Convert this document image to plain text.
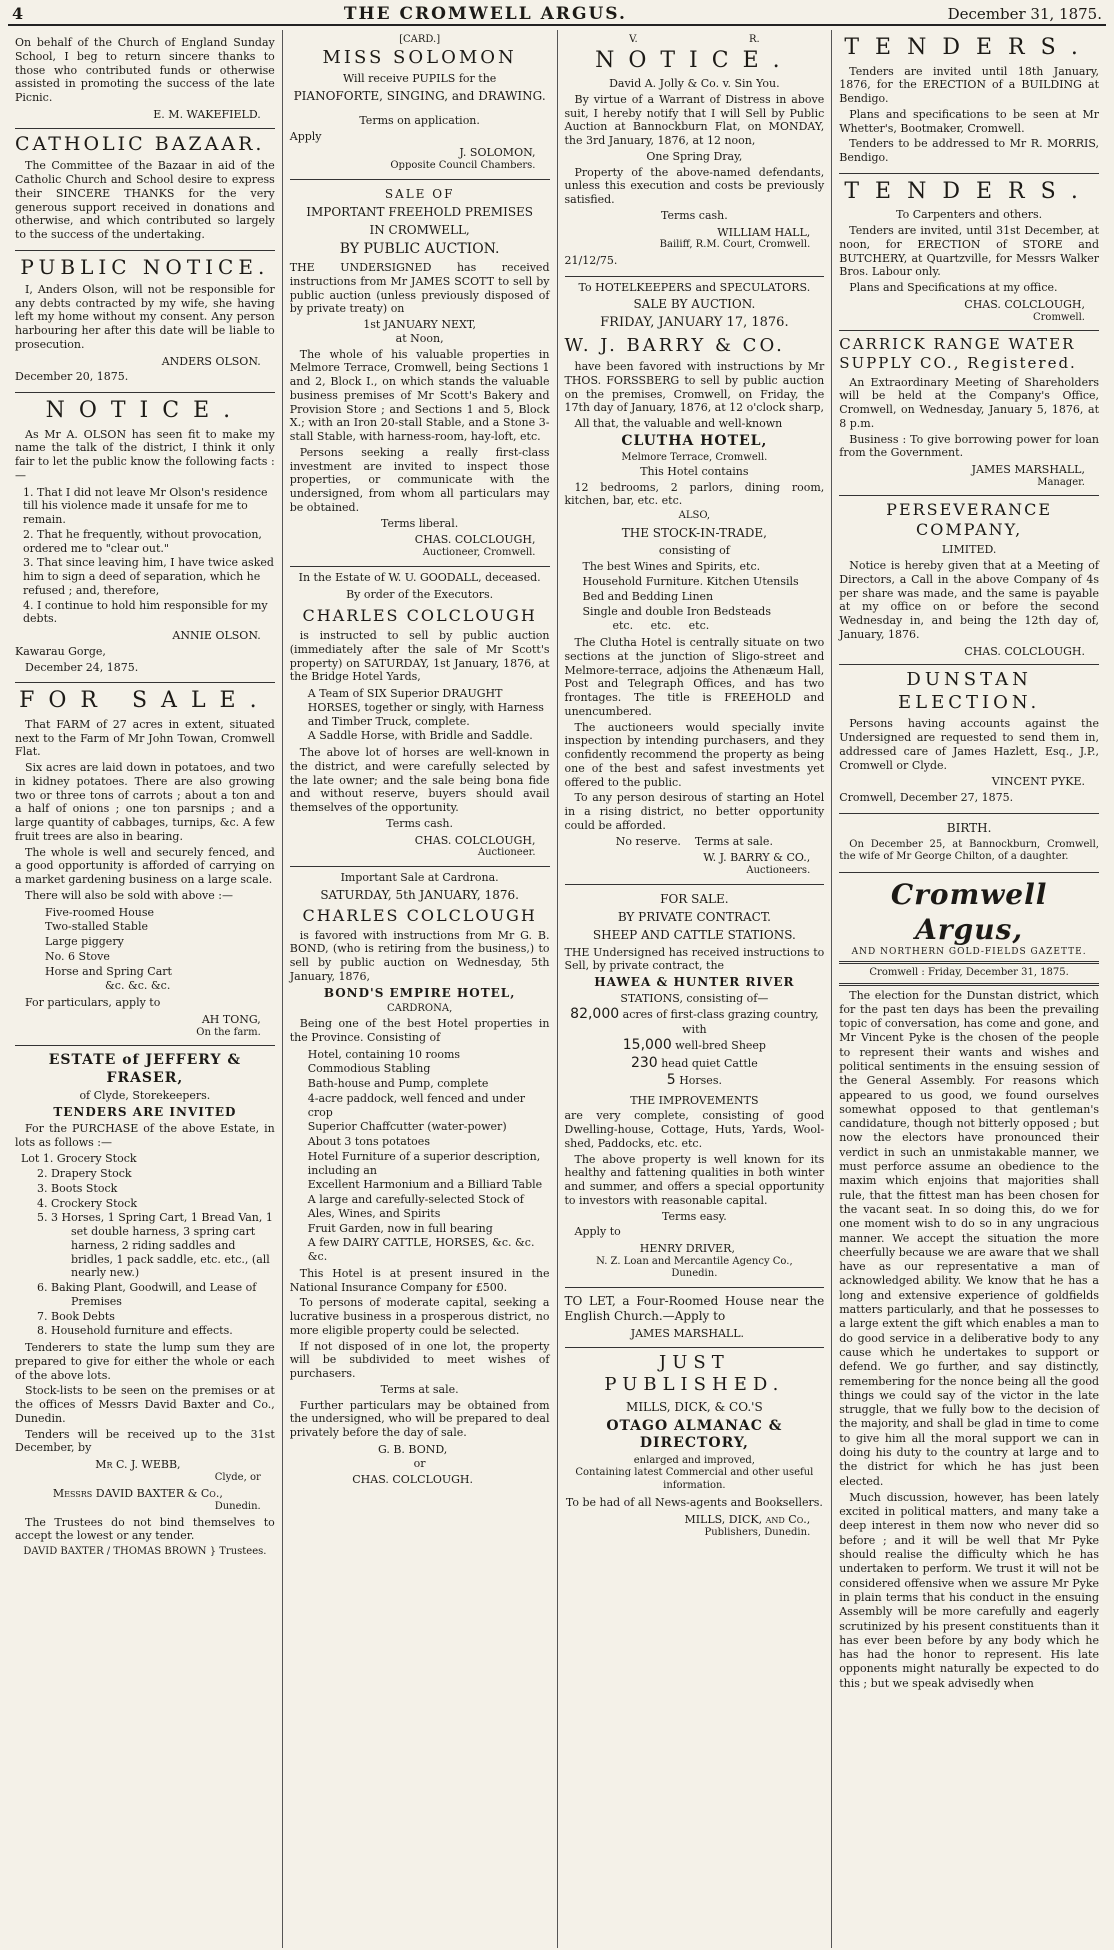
4	THE CROMWELL ARGUS.	December 31, 1875.

On behalf of the Church of England Sunday School, I beg to return sincere thanks to those who contributed funds or otherwise assisted in promoting the success of the late Picnic.

E. M. WAKEFIELD.
CATHOLIC BAZAAR.

The Committee of the Bazaar in aid of the Catholic Church and School desire to express their SINCERE THANKS for the very generous support received in donations and otherwise, and which contributed so largely to the success of the undertaking.

PUBLIC NOTICE.

I, Anders Olson, will not be responsible for any debts contracted by my wife, she having left my home without my consent. Any person harbouring her after this date will be liable to prosecution.

ANDERS OLSON.

December 20, 1875.

NOTICE.

As Mr A. OLSON has seen fit to make my name the talk of the district, I think it only fair to let the public know the following facts :—

1. That I did not leave Mr Olson's residence till his violence made it unsafe for me to remain.
2. That he frequently, without provocation, ordered me to "clear out."
3. That since leaving him, I have twice asked him to sign a deed of separation, which he refused ; and, therefore,
4. I continue to hold him responsible for my debts.
ANNIE OLSON.

Kawarau Gorge,

December 24, 1875.

FOR SALE.

That FARM of 27 acres in extent, situated next to the Farm of Mr John Towan, Cromwell Flat.

Six acres are laid down in potatoes, and two in kidney potatoes. There are also growing two or three tons of carrots ; about a ton and a half of onions ; one ton parsnips ; and a large quantity of cabbages, turnips, &c. A few fruit trees are also in bearing.

The whole is well and securely fenced, and a good opportunity is afforded of carrying on a market gardening business on a large scale.

There will also be sold with above :—

Five-roomed House
Two-stalled Stable
Large piggery
No. 6 Stove
Horse and Spring Cart
&c. &c. &c.

For particulars, apply to

AH TONG,
On the farm.
ESTATE of JEFFERY & FRASER,
of Clyde, Storekeepers.
TENDERS ARE INVITED

For the PURCHASE of the above Estate, in lots as follows :—

Lot 1. Grocery Stock
2. Drapery Stock
3. Boots Stock
4. Crockery Stock
5. 3 Horses, 1 Spring Cart, 1 Bread Van, 1 set double harness, 3 spring cart harness, 2 riding saddles and bridles, 1 pack saddle, etc. etc., (all nearly new.)
6. Baking Plant, Goodwill, and Lease of Premises
7. Book Debts
8. Household furniture and effects.

Tenderers to state the lump sum they are prepared to give for either the whole or each of the above lots.

Stock-lists to be seen on the premises or at the offices of Messrs David Baxter and Co., Dunedin.

Tenders will be received up to the 31st December, by

Mr C. J. WEBB,
Clyde, or
Messrs DAVID BAXTER & Co.,
Dunedin.

The Trustees do not bind themselves to accept the lowest or any tender.

DAVID BAXTER / THOMAS BROWN } Trustees.
[CARD.]
MISS SOLOMON
Will receive PUPILS for the
PIANOFORTE, SINGING, and DRAWING.
Terms on application.

Apply

J. SOLOMON,
Opposite Council Chambers.
SALE OF
IMPORTANT FREEHOLD PREMISES
IN CROMWELL,
BY PUBLIC AUCTION.

THE UNDERSIGNED has received instructions from Mr JAMES SCOTT to sell by public auction (unless previously disposed of by private treaty) on

1st JANUARY NEXT,
at Noon,

The whole of his valuable properties in Melmore Terrace, Cromwell, being Sections 1 and 2, Block I., on which stands the valuable business premises of Mr Scott's Bakery and Provision Store ; and Sections 1 and 5, Block X.; with an Iron 20-stall Stable, and a Stone 3-stall Stable, with harness-room, hay-loft, etc.

Persons seeking a really first-class investment are invited to inspect those properties, or communicate with the undersigned, from whom all particulars may be obtained.

Terms liberal.
CHAS. COLCLOUGH,
Auctioneer, Cromwell.
In the Estate of W. U. GOODALL, deceased.
By order of the Executors.
CHARLES COLCLOUGH

is instructed to sell by public auction (immediately after the sale of Mr Scott's property) on SATURDAY, 1st January, 1876, at the Bridge Hotel Yards,

A Team of SIX Superior DRAUGHT HORSES, together or singly, with Harness and Timber Truck, complete.
A Saddle Horse, with Bridle and Saddle.

The above lot of horses are well-known in the district, and were carefully selected by the late owner; and the sale being bona fide and without reserve, buyers should avail themselves of the opportunity.

Terms cash.
CHAS. COLCLOUGH,
Auctioneer.
Important Sale at Cardrona.
SATURDAY, 5th JANUARY, 1876.
CHARLES COLCLOUGH

is favored with instructions from Mr G. B. BOND, (who is retiring from the business,) to sell by public auction on Wednesday, 5th January, 1876,

BOND'S EMPIRE HOTEL,
CARDRONA,

Being one of the best Hotel properties in the Province. Consisting of

Hotel, containing 10 rooms
Commodious Stabling
Bath-house and Pump, complete
4-acre paddock, well fenced and under crop
Superior Chaffcutter (water-power)
About 3 tons potatoes
Hotel Furniture of a superior description, including an
Excellent Harmonium and a Billiard Table
A large and carefully-selected Stock of Ales, Wines, and Spirits
Fruit Garden, now in full bearing
A few DAIRY CATTLE, HORSES, &c. &c. &c.

This Hotel is at present insured in the National Insurance Company for £500.

To persons of moderate capital, seeking a lucrative business in a prosperous district, no more eligible property could be selected.

If not disposed of in one lot, the property will be subdivided to meet wishes of purchasers.

Terms at sale.

Further particulars may be obtained from the undersigned, who will be prepared to deal privately before the day of sale.

G. B. BOND,
or
CHAS. COLCLOUGH.
V.                                   R.
NOTICE.
David A. Jolly & Co. v. Sin You.

By virtue of a Warrant of Distress in above suit, I hereby notify that I will Sell by Public Auction at Bannockburn Flat, on MONDAY, the 3rd January, 1876, at 12 noon,

One Spring Dray,

Property of the above-named defendants, unless this execution and costs be previously satisfied.

Terms cash.
WILLIAM HALL,
Bailiff, R.M. Court, Cromwell.

21/12/75.

To HOTELKEEPERS and SPECULATORS.
SALE BY AUCTION.
FRIDAY, JANUARY 17, 1876.
W. J. BARRY & CO.

have been favored with instructions by Mr THOS. FORSSBERG to sell by public auction on the premises, Cromwell, on Friday, the 17th day of January, 1876, at 12 o'clock sharp,

All that, the valuable and well-known

CLUTHA HOTEL,
Melmore Terrace, Cromwell.
This Hotel contains

12 bedrooms, 2 parlors, dining room, kitchen, bar, etc. etc.

ALSO,
THE STOCK-IN-TRADE,
consisting of
The best Wines and Spirits, etc.
Household Furniture. Kitchen Utensils
Bed and Bedding Linen
Single and double Iron Bedsteads
etc.     etc.     etc.

The Clutha Hotel is centrally situate on two sections at the junction of Sligo-street and Melmore-terrace, adjoins the Athenæum Hall, Post and Telegraph Offices, and has two frontages. The title is FREEHOLD and unencumbered.

The auctioneers would specially invite inspection by intending purchasers, and they confidently recommend the property as being one of the best and safest investments yet offered to the public.

To any person desirous of starting an Hotel in a rising district, no better opportunity could be afforded.

No reserve.    Terms at sale.
W. J. BARRY & CO.,
Auctioneers.
FOR SALE.
BY PRIVATE CONTRACT.
SHEEP AND CATTLE STATIONS.

THE Undersigned has received instructions to Sell, by private contract, the

HAWEA & HUNTER RIVER
STATIONS, consisting of—
82,000 acres of first-class grazing country, with
15,000 well-bred Sheep
230 head quiet Cattle
5 Horses.
THE IMPROVEMENTS

are very complete, consisting of good Dwelling-house, Cottage, Huts, Yards, Wool-shed, Paddocks, etc. etc.

The above property is well known for its healthy and fattening qualities in both winter and summer, and offers a special opportunity to investors with reasonable capital.

Terms easy.

Apply to

HENRY DRIVER,
N. Z. Loan and Mercantile Agency Co.,
Dunedin.

TO LET, a Four-Roomed House near the English Church.—Apply to

JAMES MARSHALL.
JUST PUBLISHED.
MILLS, DICK, & CO.'S
OTAGO ALMANAC & DIRECTORY,
enlarged and improved,
Containing latest Commercial and other useful information.
To be had of all News-agents and Booksellers.
MILLS, DICK, and Co.,
Publishers, Dunedin.
TENDERS.

Tenders are invited until 18th January, 1876, for the ERECTION of a BUILDING at Bendigo.

Plans and specifications to be seen at Mr Whetter's, Bootmaker, Cromwell.

Tenders to be addressed to Mr R. MORRIS, Bendigo.

TENDERS.
To Carpenters and others.

Tenders are invited, until 31st December, at noon, for ERECTION of STORE and BUTCHERY, at Quartzville, for Messrs Walker Bros. Labour only.

Plans and Specifications at my office.

CHAS. COLCLOUGH,
Cromwell.
CARRICK RANGE WATER SUPPLY CO., Registered.

An Extraordinary Meeting of Shareholders will be held at the Company's Office, Cromwell, on Wednesday, January 5, 1876, at 8 p.m.

Business : To give borrowing power for loan from the Government.

JAMES MARSHALL,
Manager.
PERSEVERANCE COMPANY,
LIMITED.

Notice is hereby given that at a Meeting of Directors, a Call in the above Company of 4s per share was made, and the same is payable at my office on or before the second Wednesday in, and being the 12th day of, January, 1876.

CHAS. COLCLOUGH.
DUNSTAN ELECTION.

Persons having accounts against the Undersigned are requested to send them in, addressed care of James Hazlett, Esq., J.P., Cromwell or Clyde.

VINCENT PYKE.

Cromwell, December 27, 1875.

BIRTH.

On December 25, at Bannockburn, Cromwell, the wife of Mr George Chilton, of a daughter.

Cromwell Argus,
AND NORTHERN GOLD-FIELDS GAZETTE.
Cromwell : Friday, December 31, 1875.

The election for the Dunstan district, which for the past ten days has been the prevailing topic of conversation, has come and gone, and Mr Vincent Pyke is the chosen of the people to represent their wants and wishes and political sentiments in the ensuing session of the General Assembly. For reasons which appeared to us good, we found ourselves somewhat opposed to that gentleman's candidature, though not bitterly opposed ; but now the electors have pronounced their verdict in such an unmistakable manner, we must perforce assume an obedience to the maxim which enjoins that majorities shall rule, that the fittest man has been chosen for the vacant seat. In so doing this, do we for one moment wish to do so in any ungracious manner. We accept the situation the more cheerfully because we are aware that we shall have as our representative a man of acknowledged ability. We know that he has a long and extensive experience of goldfields matters particularly, and that he possesses to a large extent the gift which enables a man to do good service in a deliberative body to any cause which he undertakes to support or defend. We go further, and say distinctly, remembering for the nonce being all the good things we could say of the victor in the late struggle, that we fully bow to the decision of the majority, and shall be glad in time to come to give him all the moral support we can in doing his duty to the country at large and to the district for which he has just been elected.

Much discussion, however, has been lately excited in political matters, and many take a deep interest in them now who never did so before ; and it will be well that Mr Pyke should realise the difficulty which he has undertaken to perform. We trust it will not be considered offensive when we assure Mr Pyke in plain terms that his conduct in the ensuing Assembly will be more carefully and eagerly scrutinized by his present constituents than it has ever been before by any body which he has had the honor to represent. His late opponents might naturally be expected to do this ; but we speak advisedly when
